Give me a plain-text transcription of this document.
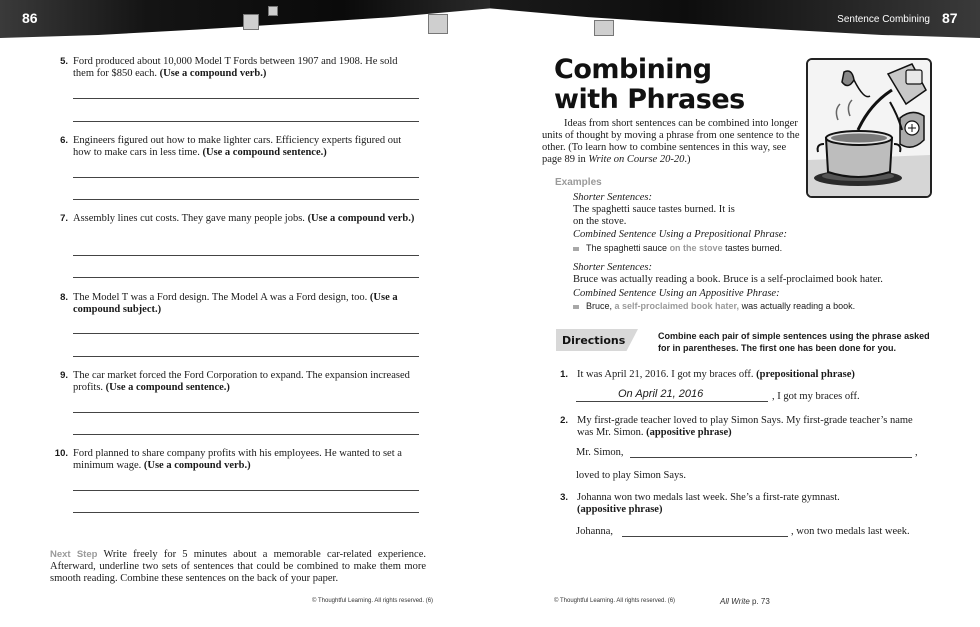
86
5. Ford produced about 10,000 Model T Fords between 1907 and 1908. He sold them for $850 each. (Use a compound verb.)
6. Engineers figured out how to make lighter cars. Efficiency experts figured out how to make cars in less time. (Use a compound sentence.)
7. Assembly lines cut costs. They gave many people jobs. (Use a compound verb.)
8. The Model T was a Ford design. The Model A was a Ford design, too. (Use a compound subject.)
9. The car market forced the Ford Corporation to expand. The expansion increased profits. (Use a compound sentence.)
10. Ford planned to share company profits with his employees. He wanted to set a minimum wage. (Use a compound verb.)
Next Step Write freely for 5 minutes about a memorable car-related experience. Afterward, underline two sets of sentences that could be combined to make them more smooth reading. Combine these sentences on the back of your paper.
© Thoughtful Learning. All rights reserved. (6)
Sentence Combining 87
Combining
with Phrases
Ideas from short sentences can be combined into longer units of thought by moving a phrase from one sentence to the other. (To learn how to combine sentences in this way, see page 89 in Write on Course 20-20.)
Examples
Shorter Sentences:
The spaghetti sauce tastes burned. It is
on the stove.
Combined Sentence Using a Prepositional Phrase:
The spaghetti sauce on the stove tastes burned.
Shorter Sentences:
Bruce was actually reading a book. Bruce is a self-proclaimed book hater.
Combined Sentence Using an Appositive Phrase:
Bruce, a self-proclaimed book hater, was actually reading a book.
Directions	Combine each pair of simple sentences using the phrase asked for in parentheses. The first one has been done for you.
1. It was April 21, 2016. I got my braces off. (prepositional phrase)
On April 21, 2016	, I got my braces off.
2. My first-grade teacher loved to play Simon Says. My first-grade teacher’s name was Mr. Simon. (appositive phrase)
Mr. Simon,	,
loved to play Simon Says.
3. Johanna won two medals last week. She’s a first-rate gymnast.
(appositive phrase)
Johanna,	, won two medals last week.
© Thoughtful Learning. All rights reserved. (6)	All Write p. 73
